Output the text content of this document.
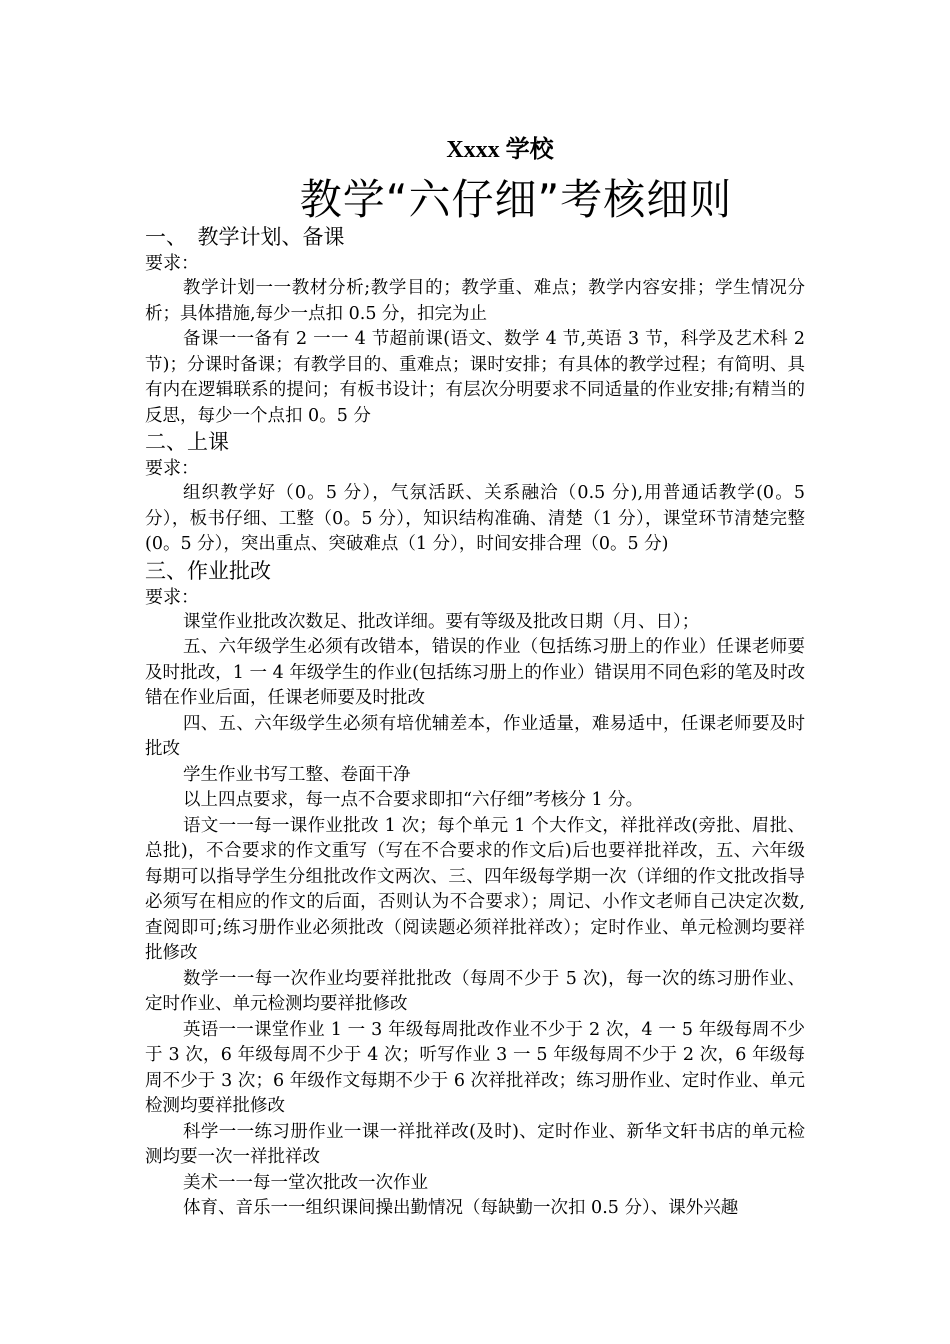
Xxxx 学校
教学“六仔细”考核细则

一、　教学计划、备课

要求：

教学计划一一教材分析;教学目的；教学重、难点；教学内容安排；学生情况分析；具体措施,每少一点扣 0.5 分，扣完为止

备课一一备有 2 一一 4 节超前课(语文、数学 4 节,英语 3 节，科学及艺术科 2 节)；分课时备课；有教学目的、重难点；课时安排；有具体的教学过程；有简明、具有内在逻辑联系的提问；有板书设计；有层次分明要求不同适量的作业安排;有精当的反思，每少一个点扣 0。5 分

二、上课

要求：

组织教学好（0。5 分），气氛活跃、关系融洽（0.5 分),用普通话教学(0。5 分），板书仔细、工整（0。5 分），知识结构准确、清楚（1 分），课堂环节清楚完整(0。5 分），突出重点、突破难点（1 分），时间安排合理（0。5 分)

三、作业批改

要求：

课堂作业批改次数足、批改详细。要有等级及批改日期（月、日）；

五、六年级学生必须有改错本，错误的作业（包括练习册上的作业）任课老师要及时批改，1 一 4 年级学生的作业(包括练习册上的作业）错误用不同色彩的笔及时改错在作业后面，任课老师要及时批改

四、五、六年级学生必须有培优辅差本，作业适量，难易适中，任课老师要及时批改

学生作业书写工整、卷面干净

以上四点要求，每一点不合要求即扣“六仔细”考核分 1 分。

语文一一每一课作业批改 1 次；每个单元 1 个大作文，祥批祥改(旁批、眉批、总批)，不合要求的作文重写（写在不合要求的作文后)后也要祥批祥改，五、六年级每期可以指导学生分组批改作文两次、三、四年级每学期一次（详细的作文批改指导必须写在相应的作文的后面，否则认为不合要求）；周记、小作文老师自己决定次数,查阅即可;练习册作业必须批改（阅读题必须祥批祥改）；定时作业、单元检测均要祥批修改

数学一一每一次作业均要祥批批改（每周不少于 5 次)，每一次的练习册作业、定时作业、单元检测均要祥批修改

英语一一课堂作业 1 一 3 年级每周批改作业不少于 2 次，4 一 5 年级每周不少于 3 次，6 年级每周不少于 4 次；听写作业 3 一 5 年级每周不少于 2 次，6 年级每周不少于 3 次；6 年级作文每期不少于 6 次祥批祥改；练习册作业、定时作业、单元检测均要祥批修改

科学一一练习册作业一课一祥批祥改(及时)、定时作业、新华文轩书店的单元检测均要一次一祥批祥改

美术一一每一堂次批改一次作业

体育、音乐一一组织课间操出勤情况（每缺勤一次扣 0.5 分）、课外兴趣
